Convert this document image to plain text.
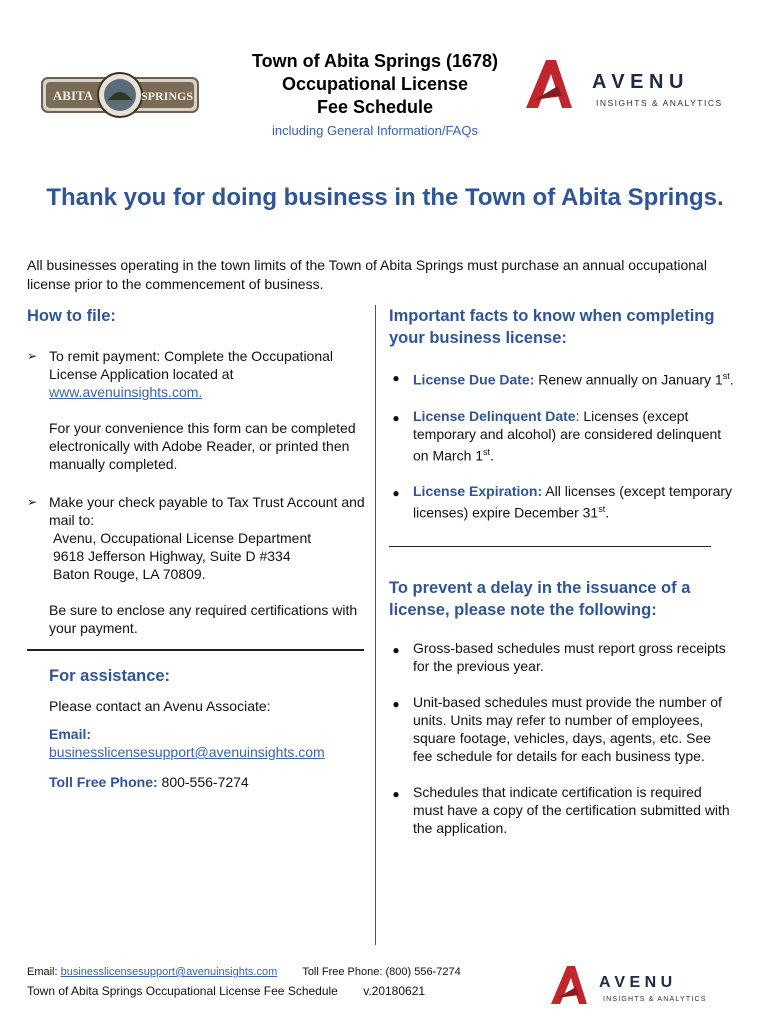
ABITA	SPRINGS
Town of Abita Springs (1678)
Occupational License
Fee Schedule
including General Information/FAQs
A V E N U
INSIGHTS & ANALYTICS
Thank you for doing business in the Town of Abita Springs.
All businesses operating in the town limits of the Town of Abita Springs must purchase an annual occupational license prior to the commencement of business.
How to file:
➢ To remit payment: Complete the Occupational License Application located at
www.avenuinsights.com.
For your convenience this form can be completed electronically with Adobe Reader, or printed then manually completed.
➢ Make your check payable to Tax Trust Account and mail to:
Avenu, Occupational License Department
9618 Jefferson Highway, Suite D #334
Baton Rouge, LA 70809.
Be sure to enclose any required certifications with your payment.
For assistance:
Please contact an Avenu Associate:
Email:
businesslicensesupport@avenuinsights.com
Toll Free Phone: 800-556-7274
Important facts to know when completing your business license:
● License Due Date: Renew annually on January 1st.
● License Delinquent Date: Licenses (except temporary and alcohol) are considered delinquent on March 1st.
● License Expiration: All licenses (except temporary licenses) expire December 31st.
To prevent a delay in the issuance of a license, please note the following:
● Gross-based schedules must report gross receipts for the previous year.
● Unit-based schedules must provide the number of units. Units may refer to number of employees, square footage, vehicles, days, agents, etc. See fee schedule for details for each business type.
● Schedules that indicate certification is required must have a copy of the certification submitted with the application.
Email: businesslicensesupport@avenuinsights.com Toll Free Phone: (800) 556-7274
Town of Abita Springs Occupational License Fee Schedule v.20180621	A V E N U
INSIGHTS & ANALYTICS
